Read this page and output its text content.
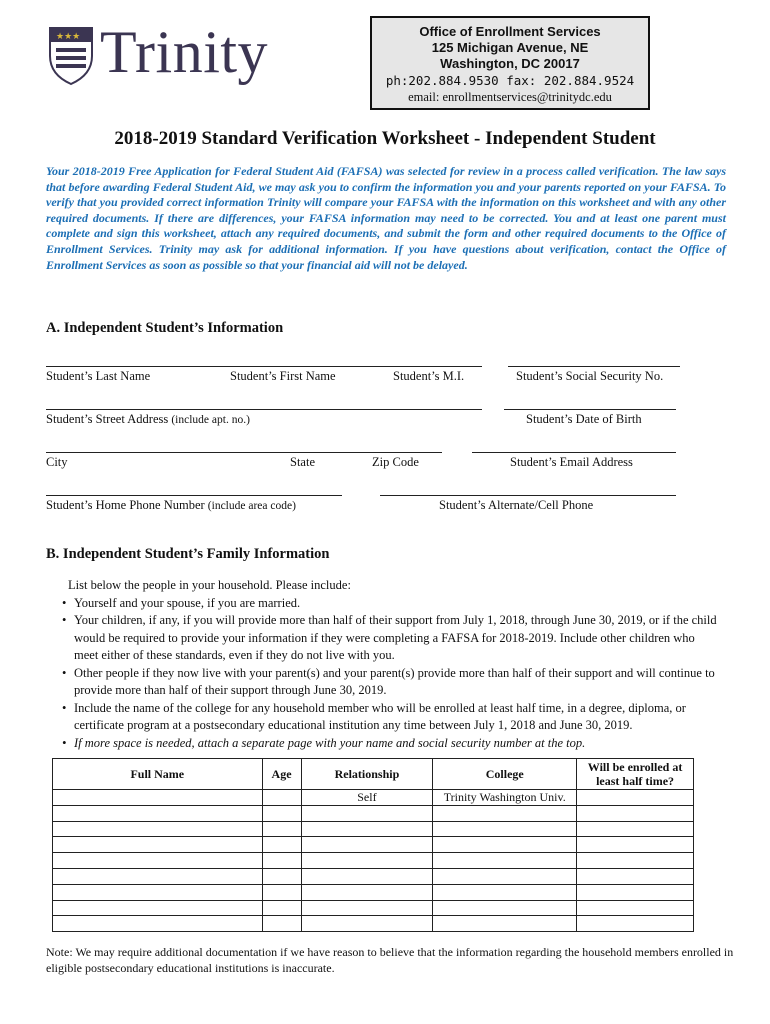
★★★ Trinity	Office of Enrollment Services
125 Michigan Avenue, NE
Washington, DC 20017
ph:202.884.9530 fax: 202.884.9524
email: enrollmentservices@trinitydc.edu
2018-2019 Standard Verification Worksheet - Independent Student
Your 2018-2019 Free Application for Federal Student Aid (FAFSA) was selected for review in a process called verification. The law says that before awarding Federal Student Aid, we may ask you to confirm the information you and your parents reported on your FAFSA. To verify that you provided correct information Trinity will compare your FAFSA with the information on this worksheet and with any other required documents. If there are differences, your FAFSA information may need to be corrected. You and at least one parent must complete and sign this worksheet, attach any required documents, and submit the form and other required documents to the Office of Enrollment Services. Trinity may ask for additional information. If you have questions about verification, contact the Office of Enrollment Services as soon as possible so that your financial aid will not be delayed.
A. Independent Student’s Information
Student’s Last Name	Student’s First Name	Student’s M.I.	Student’s Social Security No.
Student’s Street Address (include apt. no.)	Student’s Date of Birth
City	State	Zip Code	Student’s Email Address
Student’s Home Phone Number (include area code)	Student’s Alternate/Cell Phone
B. Independent Student’s Family Information
List below the people in your household. Please include:
• Yourself and your spouse, if you are married.
• Your children, if any, if you will provide more than half of their support from July 1, 2018, through June 30, 2019, or if the child would be required to provide your information if they were completing a FAFSA for 2018-2019. Include other children who meet either of these standards, even if they do not live with you.
• Other people if they now live with your parent(s) and your parent(s) provide more than half of their support and will continue to provide more than half of their support through June 30, 2019.
• Include the name of the college for any household member who will be enrolled at least half time, in a degree, diploma, or certificate program at a postsecondary educational institution any time between July 1, 2018 and June 30, 2019.
• If more space is needed, attach a separate page with your name and social security number at the top.
Full Name	Age	Relationship	College	Will be enrolled at least half time?
		Self	Trinity Washington Univ.	

Note: We may require additional documentation if we have reason to believe that the information regarding the household members enrolled in eligible postsecondary educational institutions is inaccurate.
